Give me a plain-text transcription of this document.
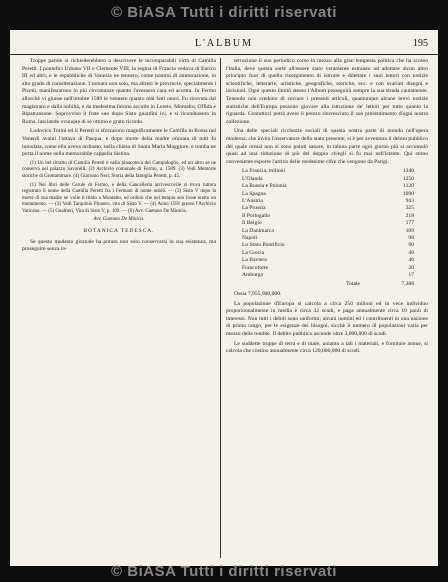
© BiASA Tutti i diritti riservati
L'ALBUM	195

Troppe parole si richiederebbero a descrivere le incomparabili virtù di Camilla Peretti. I pontefici Urbano VII e Clemente VIII, la regina di Francia vedova di Enrico III ed altri, e le repubbliche di Venezia ne tennero, come nomini di ammirazione, in alto grado di considerazione. I romani non solo, ma altresì le provincie, specialmente i Piceni, manifestarono in più circostanze quanto l'avessero cara ed accetta. In Fermo allorchè vi giunse nell'ottobre 1589 le vennero quanto mai fatti onori. Fu ricevuta dal magistrato e dalla nobiltà, e da medesima furono accolte in Loreto, Montalto, Offida e Ripatransone. Soprovviso il frate suo dopo Sisto guardini ivi, e si ricondussero in Roma, lasciando ovunque di sè ottimo e grato ricordo.

Lodovico Torini ed il Peretti si sforzarono magnificamente le Camilla in Roma nel Venerdì avanti l'ottava di Pasqua, e dopo morte della madre onorata di tutti fu tumulata, come ella aveva ordinato, nella chiesa di Santa Maria Maggiore, e tomba ne porta il nome nella memorabile cappella Sistina.

(1) Un bel ritratto di Camilla Peretti è nella pinacoteca del Campidoglio, ed un altro se ne conserva nel palazzo Savorelli. (2) Archivio comunale di Fermo, a. 1589. (3) Vedi Memorie storiche di Grottammare. (4) Giacomo Neri, Storia della famiglia Peretti, p. 45.

(1) Nei libri delle Cerule di Fermo, e della Cancelleria arcivescovile si trova tuttora registrato il nome della Camilla Peretti fra i Fermani di nome nobili. — (2) Sisto V dopo la morte di sua madre ne volle il titolo a Montalto, ed ordinò che nel tempio suo fosse eretto un monumento. — (3) Vedi Tarquinio Pinaoro, vita di Sisto V. — (4) Anno 1591 presso l'Archivio Vaticano. — (5) Gualtieri, Vita di Sisto V, p. 109. — (6) Avv. Gaetano De Minicis.

Avv. Gaetano De Minicis.
BOTANICA TEDESCA.

Se questo modesto giornale ha potuto non solo conservarsi in sua esistenza, ma proseguire senza in-

terruzione il suo periodico corso in mezzo alla gran tempesta politica che ha scosso l'Italia, deve questa sorte all'essere stato veramente estraneo ad adottare alcun altro principio fuor di quello risorgimento di istruire e dilettare i suoi lettori con notizie scientifiche, letterarie, artistiche, geografiche, storiche, ecc. e con svariati disegni e incisioni. Ogni questo limitò stesso l'Album proseguirà sempre la sua strada cautamente. Tenendo non credono di cercare i presenti articoli, quantunque alcune brevi notizie statistiche dell'Europa possono giovare alla istruzione de' lettori per tutto quanto la riguarda. Contuttoci potrà avere il prezzo rincresciuto il suo presentimento d'ogni nostra collezione.

Una delle speciali ricchezze sociali di questa nostra parte di mondo nell'opera moderna, che invita l'osservatore dello stato presente, si è per avventura il debito pubblico del quale ormai non si sono potuti sanare, in taluna parte ogni giorno più si accumulò quasi ad una riduzione di più del doppio ch'egli si fu mai nell'istante. Qui stimo conveniente esporre l'arrivo delle medesime cifre che vengono da Parigi.

La Francia, milioni	1340
L'Olanda	1250
La Russia e Polonia	1120
La Spagna	1090
L'Austria	943
La Prussia	325
Il Portogallo	218
Il Belgio	177
La Danimarca	109
Napoli	98
Lo Stato Pontificio	90
La Grecia	46
La Baviera	46
Francoforte	20
Amburgo	17
Totale	7,388

Ossia 7,955,000,000.

La popolazione d'Europa si calcola a circa 250 milioni ed in vece individuo proporzionalmente in media è circa 32 scudi, e paga annualmente circa 10 paoli di interessi. Non tutti i debiti sono uniformi; alcuni uomini ed i contribuenti in una nazione di primo rango, per le esigenze dei bisogni, sicchè il numero di popolazioni varia per mezzo delle rendite. Il debito pubblico ascende oltre 3,000,000 di scudi.

Le suddette truppe di terra e di mare, uniamo a tali i materiali, e forniture annue, si calcola che costino annualmente circa 120,000,000 di scudi.

© BiASA Tutti i diritti riservati
